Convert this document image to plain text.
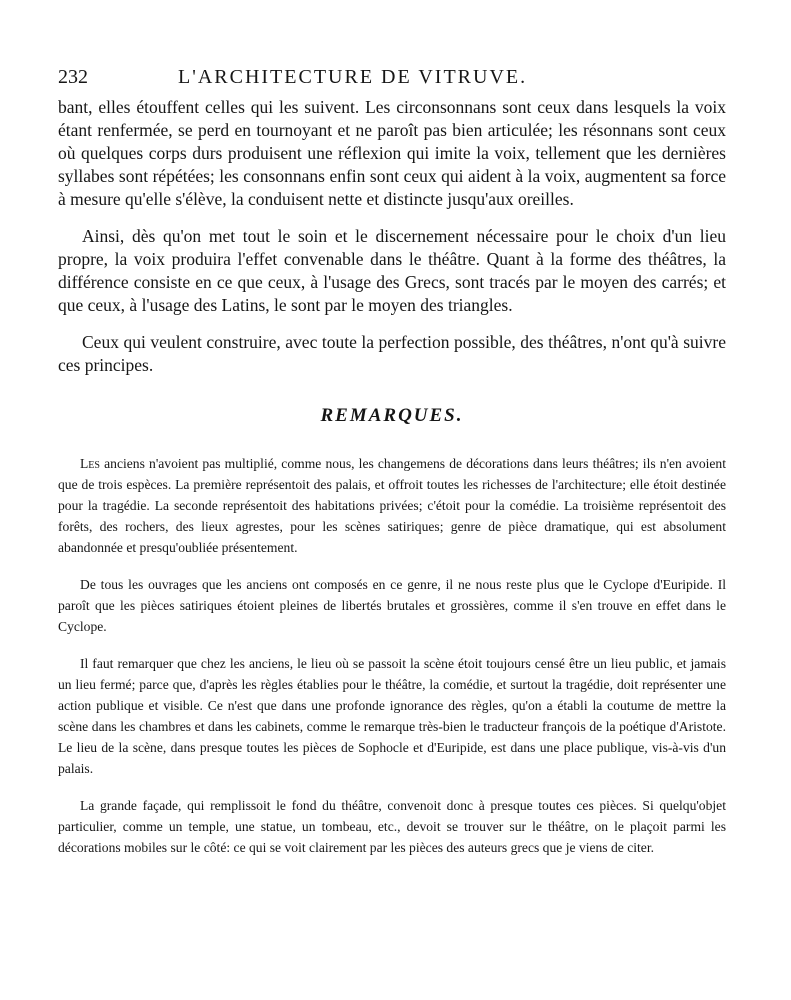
232	L'ARCHITECTURE DE VITRUVE.

bant, elles étouffent celles qui les suivent. Les circonsonnans sont ceux dans lesquels la voix étant renfermée, se perd en tournoyant et ne paroît pas bien articulée; les résonnans sont ceux où quelques corps durs produisent une réflexion qui imite la voix, tellement que les dernières syllabes sont répétées; les consonnans enfin sont ceux qui aident à la voix, augmentent sa force à mesure qu'elle s'élève, la conduisent nette et distincte jusqu'aux oreilles.

Ainsi, dès qu'on met tout le soin et le discernement nécessaire pour le choix d'un lieu propre, la voix produira l'effet convenable dans le théâtre. Quant à la forme des théâtres, la différence consiste en ce que ceux, à l'usage des Grecs, sont tracés par le moyen des carrés; et que ceux, à l'usage des Latins, le sont par le moyen des triangles.

Ceux qui veulent construire, avec toute la perfection possible, des théâtres, n'ont qu'à suivre ces principes.

REMARQUES.

Les anciens n'avoient pas multiplié, comme nous, les changemens de décorations dans leurs théâtres; ils n'en avoient que de trois espèces. La première représentoit des palais, et offroit toutes les richesses de l'architecture; elle étoit destinée pour la tragédie. La seconde représentoit des habitations privées; c'étoit pour la comédie. La troisième représentoit des forêts, des rochers, des lieux agrestes, pour les scènes satiriques; genre de pièce dramatique, qui est absolument abandonnée et presqu'oubliée présentement.

De tous les ouvrages que les anciens ont composés en ce genre, il ne nous reste plus que le Cyclope d'Euripide. Il paroît que les pièces satiriques étoient pleines de libertés brutales et grossières, comme il s'en trouve en effet dans le Cyclope.

Il faut remarquer que chez les anciens, le lieu où se passoit la scène étoit toujours censé être un lieu public, et jamais un lieu fermé; parce que, d'après les règles établies pour le théâtre, la comédie, et surtout la tragédie, doit représenter une action publique et visible. Ce n'est que dans une profonde ignorance des règles, qu'on a établi la coutume de mettre la scène dans les chambres et dans les cabinets, comme le remarque très-bien le traducteur françois de la poétique d'Aristote. Le lieu de la scène, dans presque toutes les pièces de Sophocle et d'Euripide, est dans une place publique, vis-à-vis d'un palais.

La grande façade, qui remplissoit le fond du théâtre, convenoit donc à presque toutes ces pièces. Si quelqu'objet particulier, comme un temple, une statue, un tombeau, etc., devoit se trouver sur le théâtre, on le plaçoit parmi les décorations mobiles sur le côté: ce qui se voit clairement par les pièces des auteurs grecs que je viens de citer.
